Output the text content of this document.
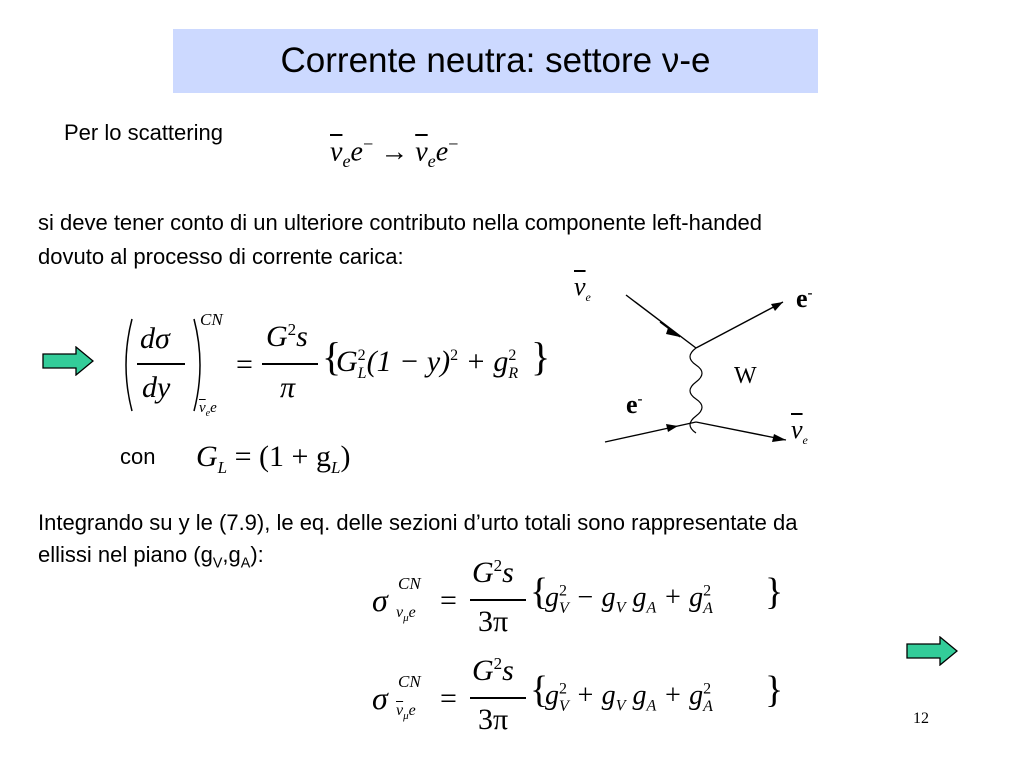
Corrente neutra: settore ν-e
Per lo scattering
$\overline{\nu}_ee^- \to \overline{\nu}_ee^-$
si deve tener conto di un ulteriore contributo nella componente left-handed
dovuto al processo di corrente carica:
dσ
dy
CN
$\overline{\nu}_ee$
=
$G^2s$
π
{
$G^2_L(1 - y)^2 + g^2_R$ }
con $G_L = (1 + g_L)$
$\overline{\nu}_e$	e-
W
e-
$\overline{\nu}_e$
Integrando su y le (7.9), le eq. delle sezioni d’urto totali sono rappresentate da
ellissi nel piano $(g_V,g_A)$:
σ CN
$\nu_\mu e$ =
$G^2s$
3π
{
$g^2_V - g_V$ $g_A + g^2_A$ }
σ CN
$\overline{\nu}_\mu e$ =
$G^2s$
3π
{
$g^2_V + g_V$ $g_A + g^2_A$ }
12
